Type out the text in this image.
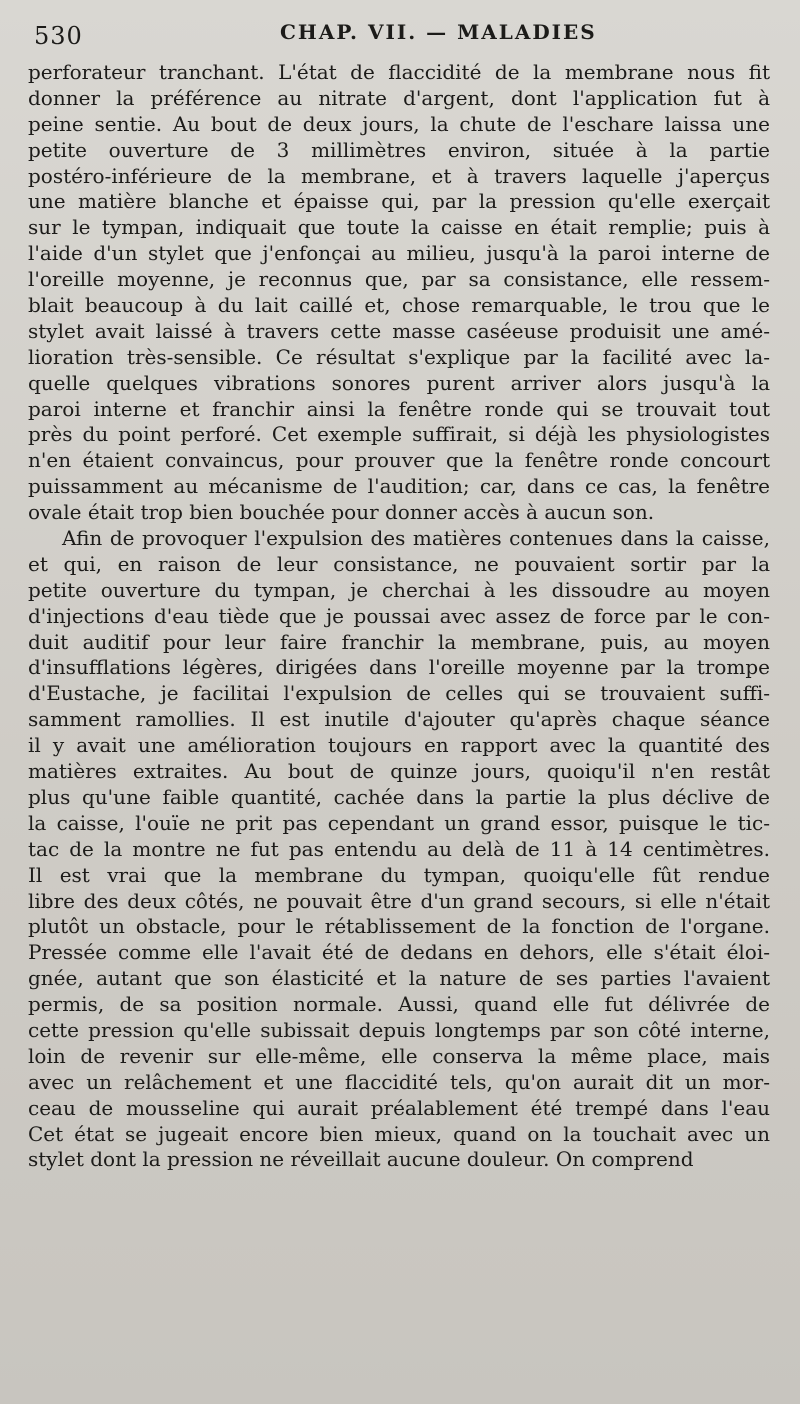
530	CHAP. VII. — MALADIES
perforateur tranchant. L'état de flaccidité de la membrane nous fit
donner la préférence au nitrate d'argent, dont l'application fut à
peine sentie. Au bout de deux jours, la chute de l'eschare laissa une
petite ouverture de 3 millimètres environ, située à la partie
postéro-inférieure de la membrane, et à travers laquelle j'aperçus
une matière blanche et épaisse qui, par la pression qu'elle exerçait
sur le tympan, indiquait que toute la caisse en était remplie; puis à
l'aide d'un stylet que j'enfonçai au milieu, jusqu'à la paroi interne de
l'oreille moyenne, je reconnus que, par sa consistance, elle ressem-
blait beaucoup à du lait caillé et, chose remarquable, le trou que le
stylet avait laissé à travers cette masse caséeuse produisit une amé-
lioration très-sensible. Ce résultat s'explique par la facilité avec la-
quelle quelques vibrations sonores purent arriver alors jusqu'à la
paroi interne et franchir ainsi la fenêtre ronde qui se trouvait tout
près du point perforé. Cet exemple suffirait, si déjà les physiologistes
n'en étaient convaincus, pour prouver que la fenêtre ronde concourt
puissamment au mécanisme de l'audition; car, dans ce cas, la fenêtre
ovale était trop bien bouchée pour donner accès à aucun son.
Afin de provoquer l'expulsion des matières contenues dans la caisse,
et qui, en raison de leur consistance, ne pouvaient sortir par la
petite ouverture du tympan, je cherchai à les dissoudre au moyen
d'injections d'eau tiède que je poussai avec assez de force par le con-
duit auditif pour leur faire franchir la membrane, puis, au moyen
d'insufflations légères, dirigées dans l'oreille moyenne par la trompe
d'Eustache, je facilitai l'expulsion de celles qui se trouvaient suffi-
samment ramollies. Il est inutile d'ajouter qu'après chaque séance
il y avait une amélioration toujours en rapport avec la quantité des
matières extraites. Au bout de quinze jours, quoiqu'il n'en restât
plus qu'une faible quantité, cachée dans la partie la plus déclive de
la caisse, l'ouïe ne prit pas cependant un grand essor, puisque le tic-
tac de la montre ne fut pas entendu au delà de 11 à 14 centimètres.
Il est vrai que la membrane du tympan, quoiqu'elle fût rendue
libre des deux côtés, ne pouvait être d'un grand secours, si elle n'était
plutôt un obstacle, pour le rétablissement de la fonction de l'organe.
Pressée comme elle l'avait été de dedans en dehors, elle s'était éloi-
gnée, autant que son élasticité et la nature de ses parties l'avaient
permis, de sa position normale. Aussi, quand elle fut délivrée de
cette pression qu'elle subissait depuis longtemps par son côté interne,
loin de revenir sur elle-même, elle conserva la même place, mais
avec un relâchement et une flaccidité tels, qu'on aurait dit un mor-
ceau de mousseline qui aurait préalablement été trempé dans l'eau
Cet état se jugeait encore bien mieux, quand on la touchait avec un
stylet dont la pression ne réveillait aucune douleur. On comprend
